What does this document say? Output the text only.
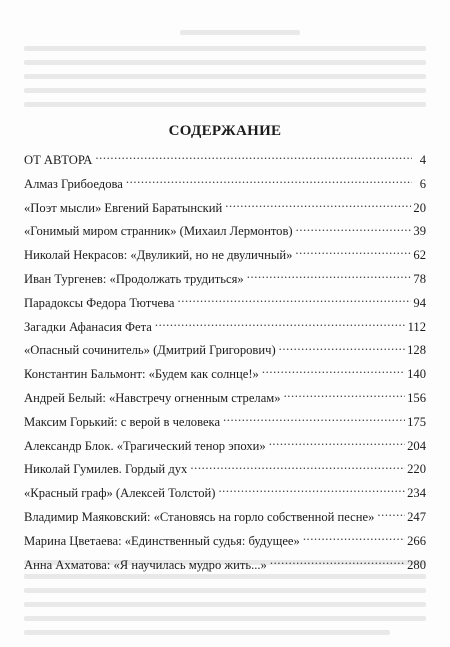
СОДЕРЖАНИЕ
ОТ АВТОРА .....	4
Алмаз Грибоедова .....	6
«Поэт мысли» Евгений Баратынский .....	20
«Гонимый миром странник» (Михаил Лермонтов) .....	39
Николай Некрасов: «Двуликий, но не двуличный» .....	62
Иван Тургенев: «Продолжать трудиться» .....	78
Парадоксы Федора Тютчева .....	94
Загадки Афанасия Фета .....	112
«Опасный сочинитель» (Дмитрий Григорович) .....	128
Константин Бальмонт: «Будем как солнце!» .....	140
Андрей Белый: «Навстречу огненным стрелам» .....	156
Максим Горький: с верой в человека .....	175
Александр Блок. «Трагический тенор эпохи» .....	204
Николай Гумилев. Гордый дух .....	220
«Красный граф» (Алексей Толстой) .....	234
Владимир Маяковский: «Становясь на горло собственной песне» .....	247
Марина Цветаева: «Единственный судья: будущее» .....	266
Анна Ахматова: «Я научилась мудро жить...» .....	280
